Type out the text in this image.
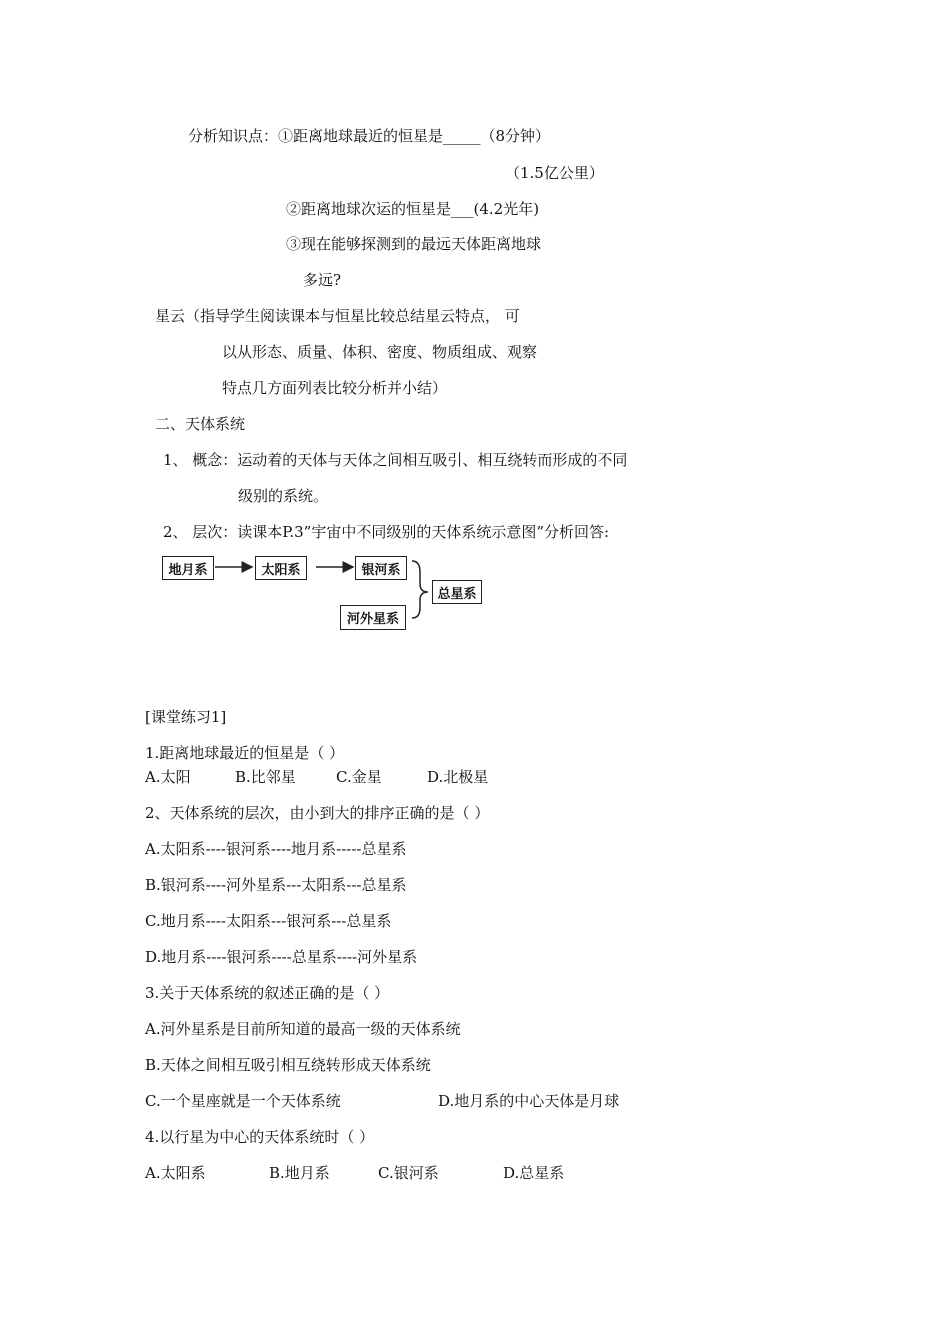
分析知识点：①距离地球最近的恒星是_____（8分钟）
（1.5亿公里）
②距离地球次运的恒星是___(4.2光年)
③现在能够探测到的最远天体距离地球
多远?
星云（指导学生阅读课本与恒星比较总结星云特点， 可
以从形态、质量、体积、密度、物质组成、观察
特点几方面列表比较分析并小结）
二、天体系统
1、 概念：运动着的天体与天体之间相互吸引、相互绕转而形成的不同
级别的系统。
2、 层次：读课本P.3”宇宙中不同级别的天体系统示意图”分析回答:
地月系	太阳系	银河系
河外星系
总星系
[课堂练习1]
1.距离地球最近的恒星是（ ）
A.太阳	B.比邻星	C.金星	D.北极星
2、天体系统的层次，由小到大的排序正确的是（ ）
A.太阳系----银河系----地月系-----总星系
B.银河系----河外星系---太阳系---总星系
C.地月系----太阳系---银河系---总星系
D.地月系----银河系----总星系----河外星系
3.关于天体系统的叙述正确的是（ ）
A.河外星系是目前所知道的最高一级的天体系统
B.天体之间相互吸引相互绕转形成天体系统
C.一个星座就是一个天体系统	D.地月系的中心天体是月球
4.以行星为中心的天体系统时（ ）
A.太阳系	B.地月系	C.银河系	D.总星系
